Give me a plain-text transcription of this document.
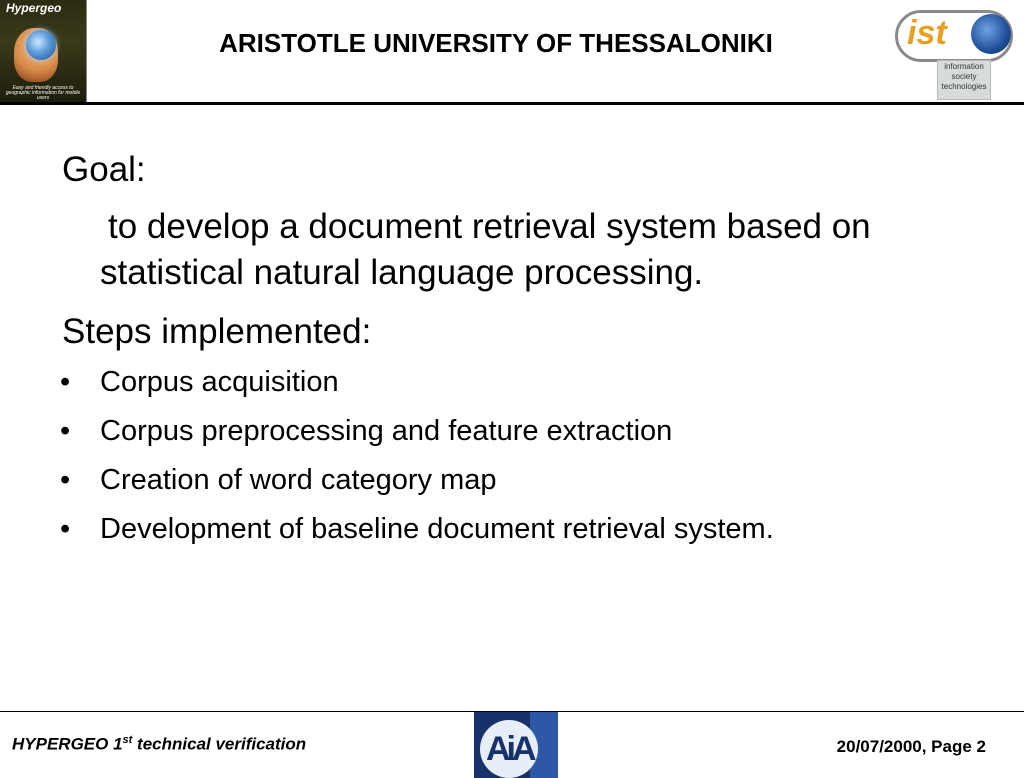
Hypergeo
Easy and friendly access to geographic information for mobile users
ARISTOTLE UNIVERSITY OF THESSALONIKI	ist
information
society
technologies
Goal:
to develop a document retrieval system based on
statistical natural language processing.
Steps implemented:
• Corpus acquisition
• Corpus preprocessing and feature extraction
• Creation of word category map
• Development of baseline document retrieval system.
HYPERGEO 1st technical verification	AiA	20/07/2000, Page 2
